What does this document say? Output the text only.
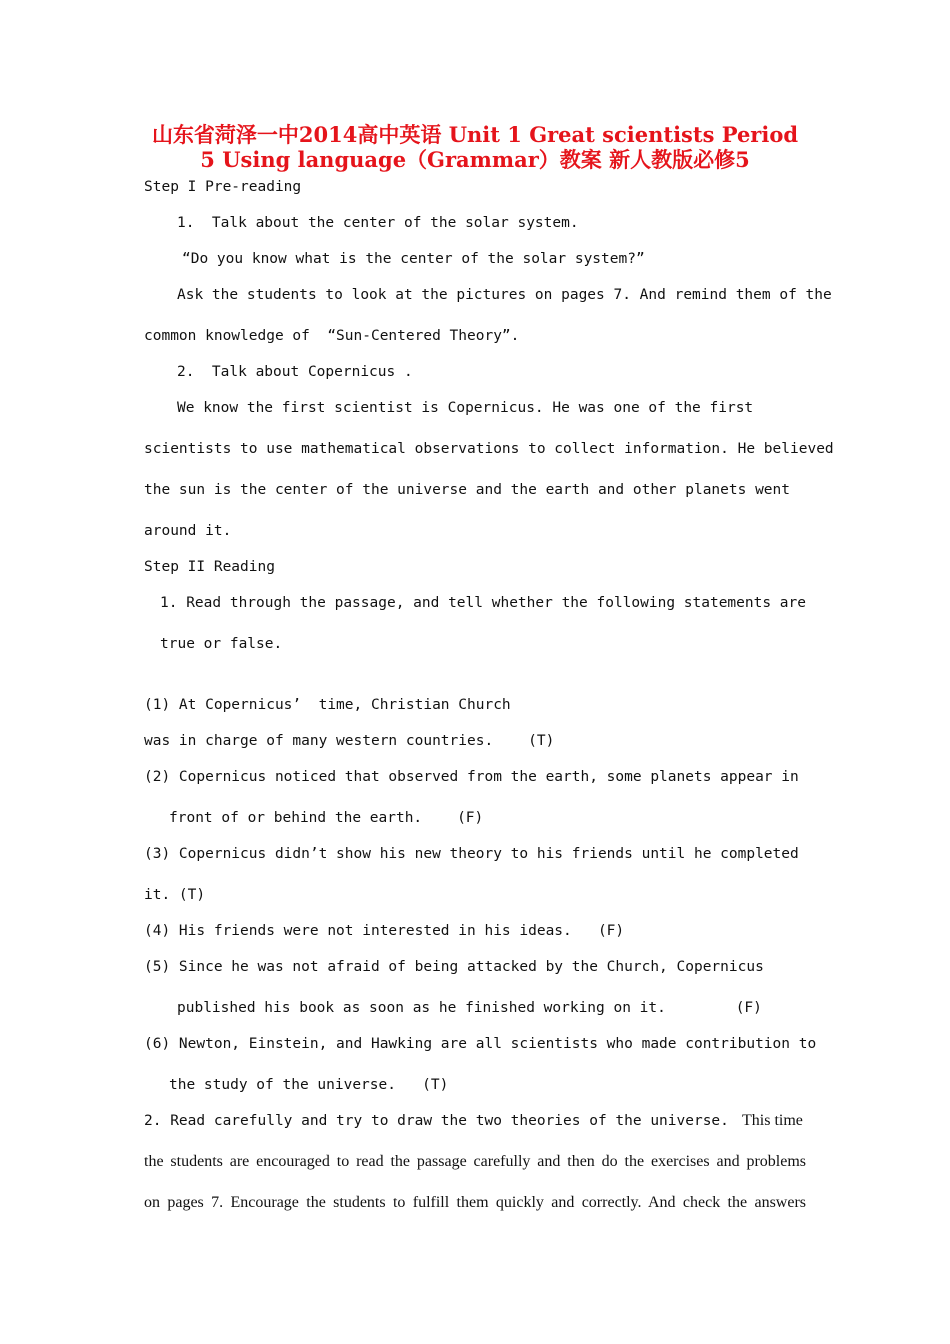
山东省菏泽一中2014高中英语 Unit 1 Great scientists Period
5 Using language（Grammar）教案 新人教版必修5
Step I Pre-reading
1.  Talk about the center of the solar system.
“Do you know what is the center of the solar system?”
Ask the students to look at the pictures on pages 7. And remind them of the
common knowledge of  “Sun-Centered Theory”.
2.  Talk about Copernicus .
We know the first scientist is Copernicus. He was one of the first
scientists to use mathematical observations to collect information. He believed
the sun is the center of the universe and the earth and other planets went
around it.
Step II Reading
1. Read through the passage, and tell whether the following statements are
true or false.
(1) At Copernicus’  time, Christian Church
was in charge of many western countries.    (T)
(2) Copernicus noticed that observed from the earth, some planets appear in
front of or behind the earth.    (F)
(3) Copernicus didn’t show his new theory to his friends until he completed
it. (T)
(4) His friends were not interested in his ideas.   (F)
(5) Since he was not afraid of being attacked by the Church, Copernicus
published his book as soon as he finished working on it.        (F)
(6) Newton, Einstein, and Hawking are all scientists who made contribution to
the study of the universe.   (T)
2. Read carefully and try to draw the two theories of the universe. This time
the students are encouraged to read the passage carefully and then do the exercises and problems
on pages 7. Encourage the students to fulfill them quickly and correctly. And check the answers
